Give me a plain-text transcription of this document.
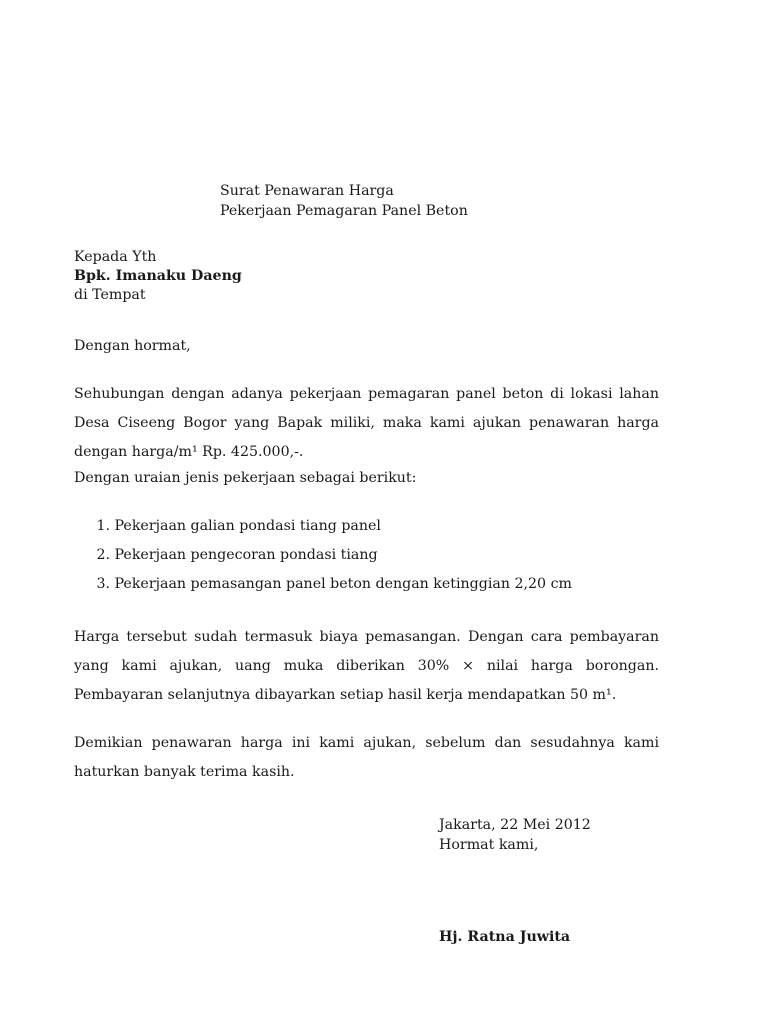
Surat Penawaran Harga
Pekerjaan Pemagaran Panel Beton
Kepada Yth
Bpk. Imanaku Daeng
di Tempat

Dengan hormat,

Sehubungan dengan adanya pekerjaan pemagaran panel beton di lokasi lahan Desa Ciseeng Bogor yang Bapak miliki, maka kami ajukan penawaran harga dengan harga/m¹ Rp. 425.000,-.

Dengan uraian jenis pekerjaan sebagai berikut:

1. Pekerjaan galian pondasi tiang panel
2. Pekerjaan pengecoran pondasi tiang
3. Pekerjaan pemasangan panel beton dengan ketinggian 2,20 cm

Harga tersebut sudah termasuk biaya pemasangan. Dengan cara pembayaran yang kami ajukan, uang muka diberikan 30% × nilai harga borongan. Pembayaran selanjutnya dibayarkan setiap hasil kerja mendapatkan 50 m¹.

Demikian penawaran harga ini kami ajukan, sebelum dan sesudahnya kami haturkan banyak terima kasih.

Jakarta, 22 Mei 2012
Hormat kami,
Hj. Ratna Juwita
